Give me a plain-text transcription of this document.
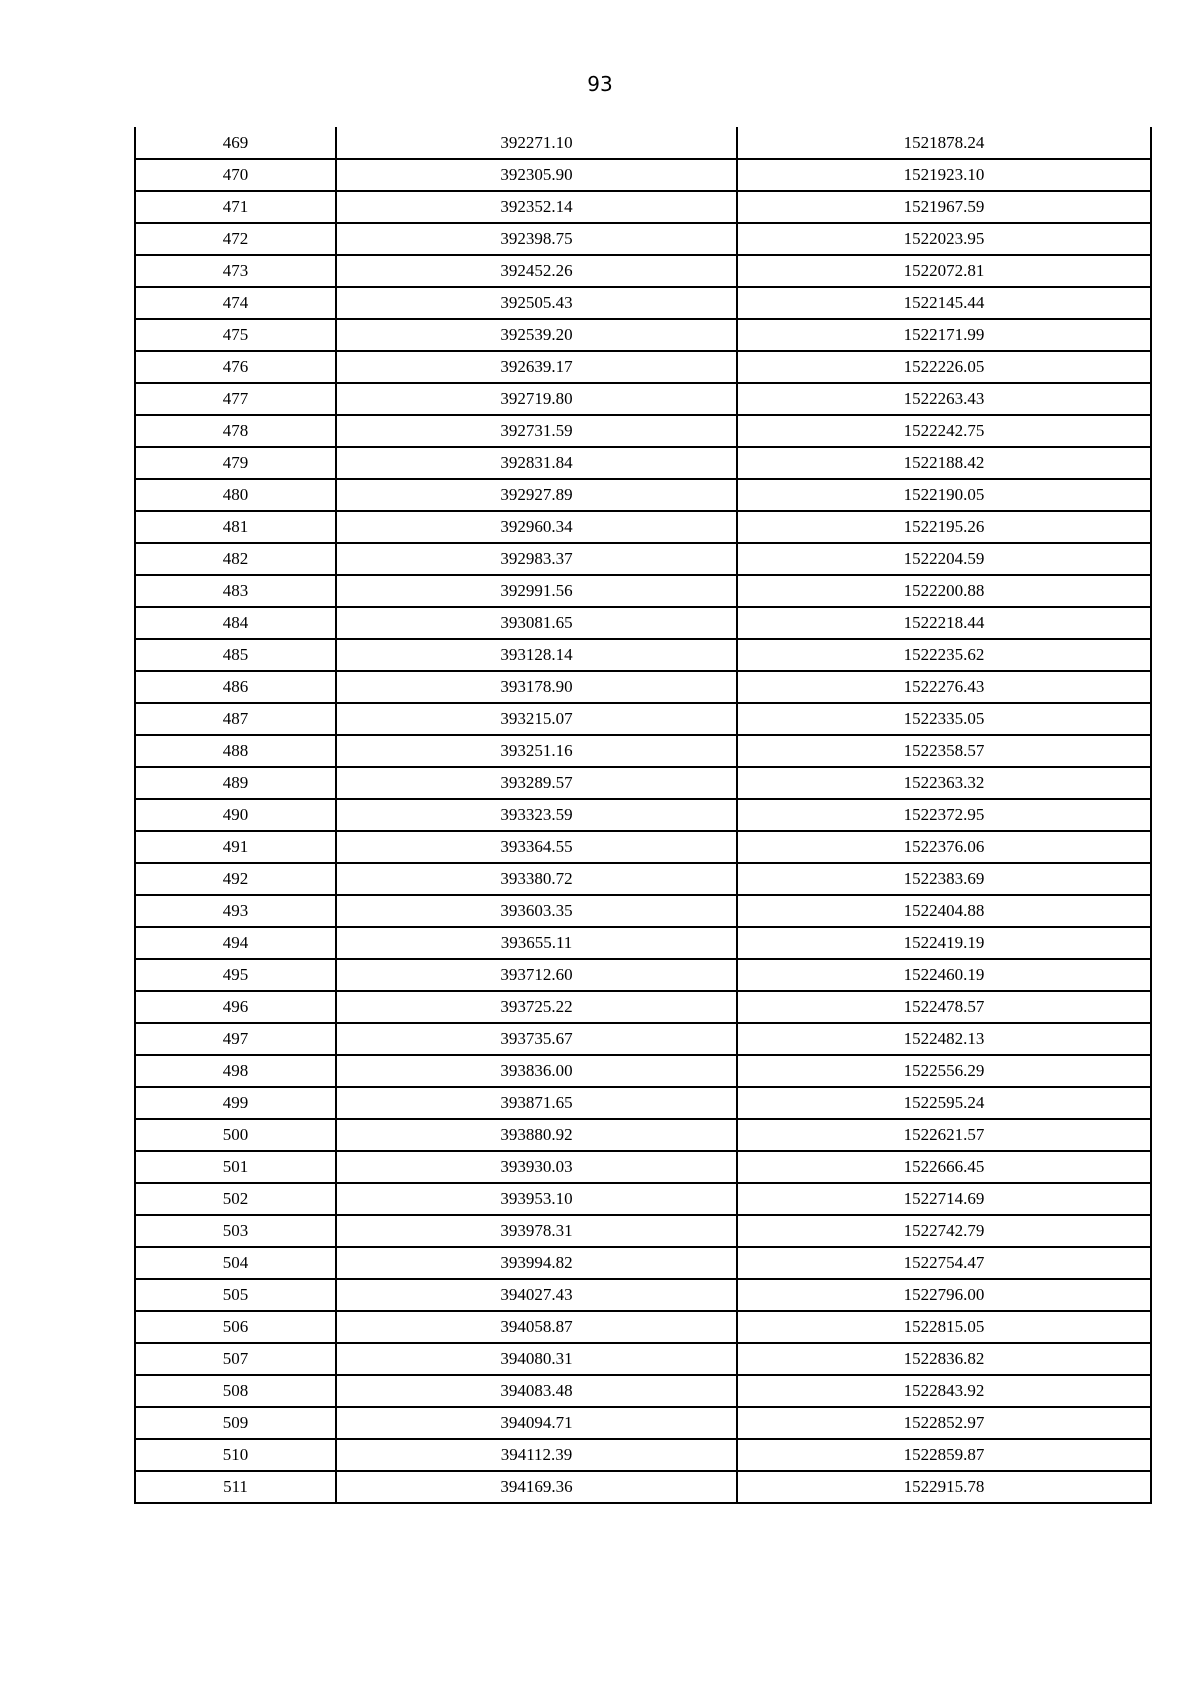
93
469	392271.10	1521878.24
470	392305.90	1521923.10
471	392352.14	1521967.59
472	392398.75	1522023.95
473	392452.26	1522072.81
474	392505.43	1522145.44
475	392539.20	1522171.99
476	392639.17	1522226.05
477	392719.80	1522263.43
478	392731.59	1522242.75
479	392831.84	1522188.42
480	392927.89	1522190.05
481	392960.34	1522195.26
482	392983.37	1522204.59
483	392991.56	1522200.88
484	393081.65	1522218.44
485	393128.14	1522235.62
486	393178.90	1522276.43
487	393215.07	1522335.05
488	393251.16	1522358.57
489	393289.57	1522363.32
490	393323.59	1522372.95
491	393364.55	1522376.06
492	393380.72	1522383.69
493	393603.35	1522404.88
494	393655.11	1522419.19
495	393712.60	1522460.19
496	393725.22	1522478.57
497	393735.67	1522482.13
498	393836.00	1522556.29
499	393871.65	1522595.24
500	393880.92	1522621.57
501	393930.03	1522666.45
502	393953.10	1522714.69
503	393978.31	1522742.79
504	393994.82	1522754.47
505	394027.43	1522796.00
506	394058.87	1522815.05
507	394080.31	1522836.82
508	394083.48	1522843.92
509	394094.71	1522852.97
510	394112.39	1522859.87
511	394169.36	1522915.78
